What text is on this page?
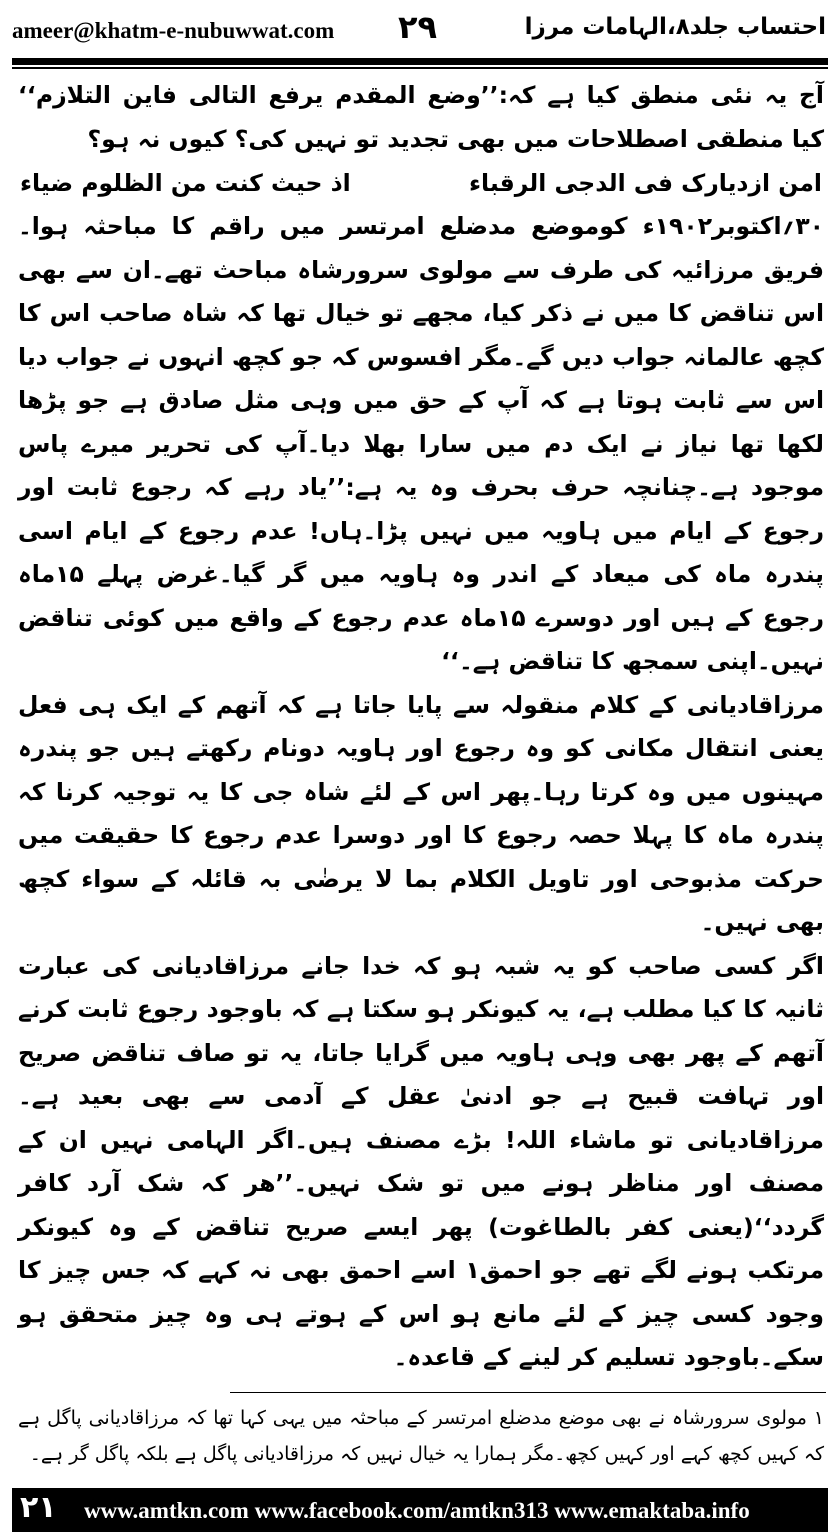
ameer@khatm-e-nubuwwat.com ۲۹	احتساب جلد۸،الہامات مرزا

آج یہ نئی منطق کیا ہے کہ:’’وضع المقدم یرفع التالی فاین التلازم‘‘ کیا منطقی اصطلاحات میں بھی تجدید تو نہیں کی؟ کیوں نہ ہو؟

امن ازدیارک فی الدجی الرقباء
اذ حیث کنت من الظلوم ضیاء

۳۰؍اکتوبر۱۹۰۲ء کوموضع مدضلع امرتسر میں راقم کا مباحثہ ہوا۔فریق مرزائیہ کی طرف سے مولوی سرورشاہ مباحث تھے۔ان سے بھی اس تناقض کا میں نے ذکر کیا، مجھے تو خیال تھا کہ شاہ صاحب اس کا کچھ عالمانہ جواب دیں گے۔مگر افسوس کہ جو کچھ انہوں نے جواب دیا اس سے ثابت ہوتا ہے کہ آپ کے حق میں وہی مثل صادق ہے جو پڑھا لکھا تھا نیاز نے ایک دم میں سارا بھلا دیا۔آپ کی تحریر میرے پاس موجود ہے۔چنانچہ حرف بحرف وہ یہ ہے:’’یاد رہے کہ رجوع ثابت اور رجوع کے ایام میں ہاویہ میں نہیں پڑا۔ہاں! عدم رجوع کے ایام اسی پندرہ ماہ کی میعاد کے اندر وہ ہاویہ میں گر گیا۔غرض پہلے ۱۵ماہ رجوع کے ہیں اور دوسرے ۱۵ماہ عدم رجوع کے واقع میں کوئی تناقض نہیں۔اپنی سمجھ کا تناقض ہے۔‘‘

مرزاقادیانی کے کلام منقولہ سے پایا جاتا ہے کہ آتھم کے ایک ہی فعل یعنی انتقال مکانی کو وہ رجوع اور ہاویہ دونام رکھتے ہیں جو پندرہ مہینوں میں وہ کرتا رہا۔پھر اس کے لئے شاہ جی کا یہ توجیہ کرنا کہ پندرہ ماہ کا پہلا حصہ رجوع کا اور دوسرا عدم رجوع کا حقیقت میں حرکت مذبوحی اور تاویل الکلام بما لا یرضٰی بہ قائلہ کے سواء کچھ بھی نہیں۔

اگر کسی صاحب کو یہ شبہ ہو کہ خدا جانے مرزاقادیانی کی عبارت ثانیہ کا کیا مطلب ہے، یہ کیونکر ہو سکتا ہے کہ باوجود رجوع ثابت کرنے آتھم کے پھر بھی وہی ہاویہ میں گرایا جاتا، یہ تو صاف تناقض صریح اور تہافت قبیح ہے جو ادنیٰ عقل کے آدمی سے بھی بعید ہے۔مرزاقادیانی تو ماشاء اللہ! بڑے مصنف ہیں۔اگر الہامی نہیں ان کے مصنف اور مناظر ہونے میں تو شک نہیں۔’’ھر کہ شک آرد کافر گردد‘‘(یعنی کفر بالطاغوت) پھر ایسے صریح تناقض کے وہ کیونکر مرتکب ہونے لگے تھے جو احمق۱ اسے احمق بھی نہ کہے کہ جس چیز کا وجود کسی چیز کے لئے مانع ہو اس کے ہوتے ہی وہ چیز متحقق ہو سکے۔باوجود تسلیم کر لینے کے قاعدہ۔

۱ مولوی سرورشاہ نے بھی موضع مدضلع امرتسر کے مباحثہ میں یہی کہا تھا کہ مرزاقادیانی پاگل ہے کہ کہیں کچھ کہے اور کہیں کچھ۔مگر ہمارا یہ خیال نہیں کہ مرزاقادیانی پاگل ہے بلکہ پاگل گر ہے۔

۲۱ www.amtkn.com www.facebook.com/amtkn313 www.emaktaba.info
